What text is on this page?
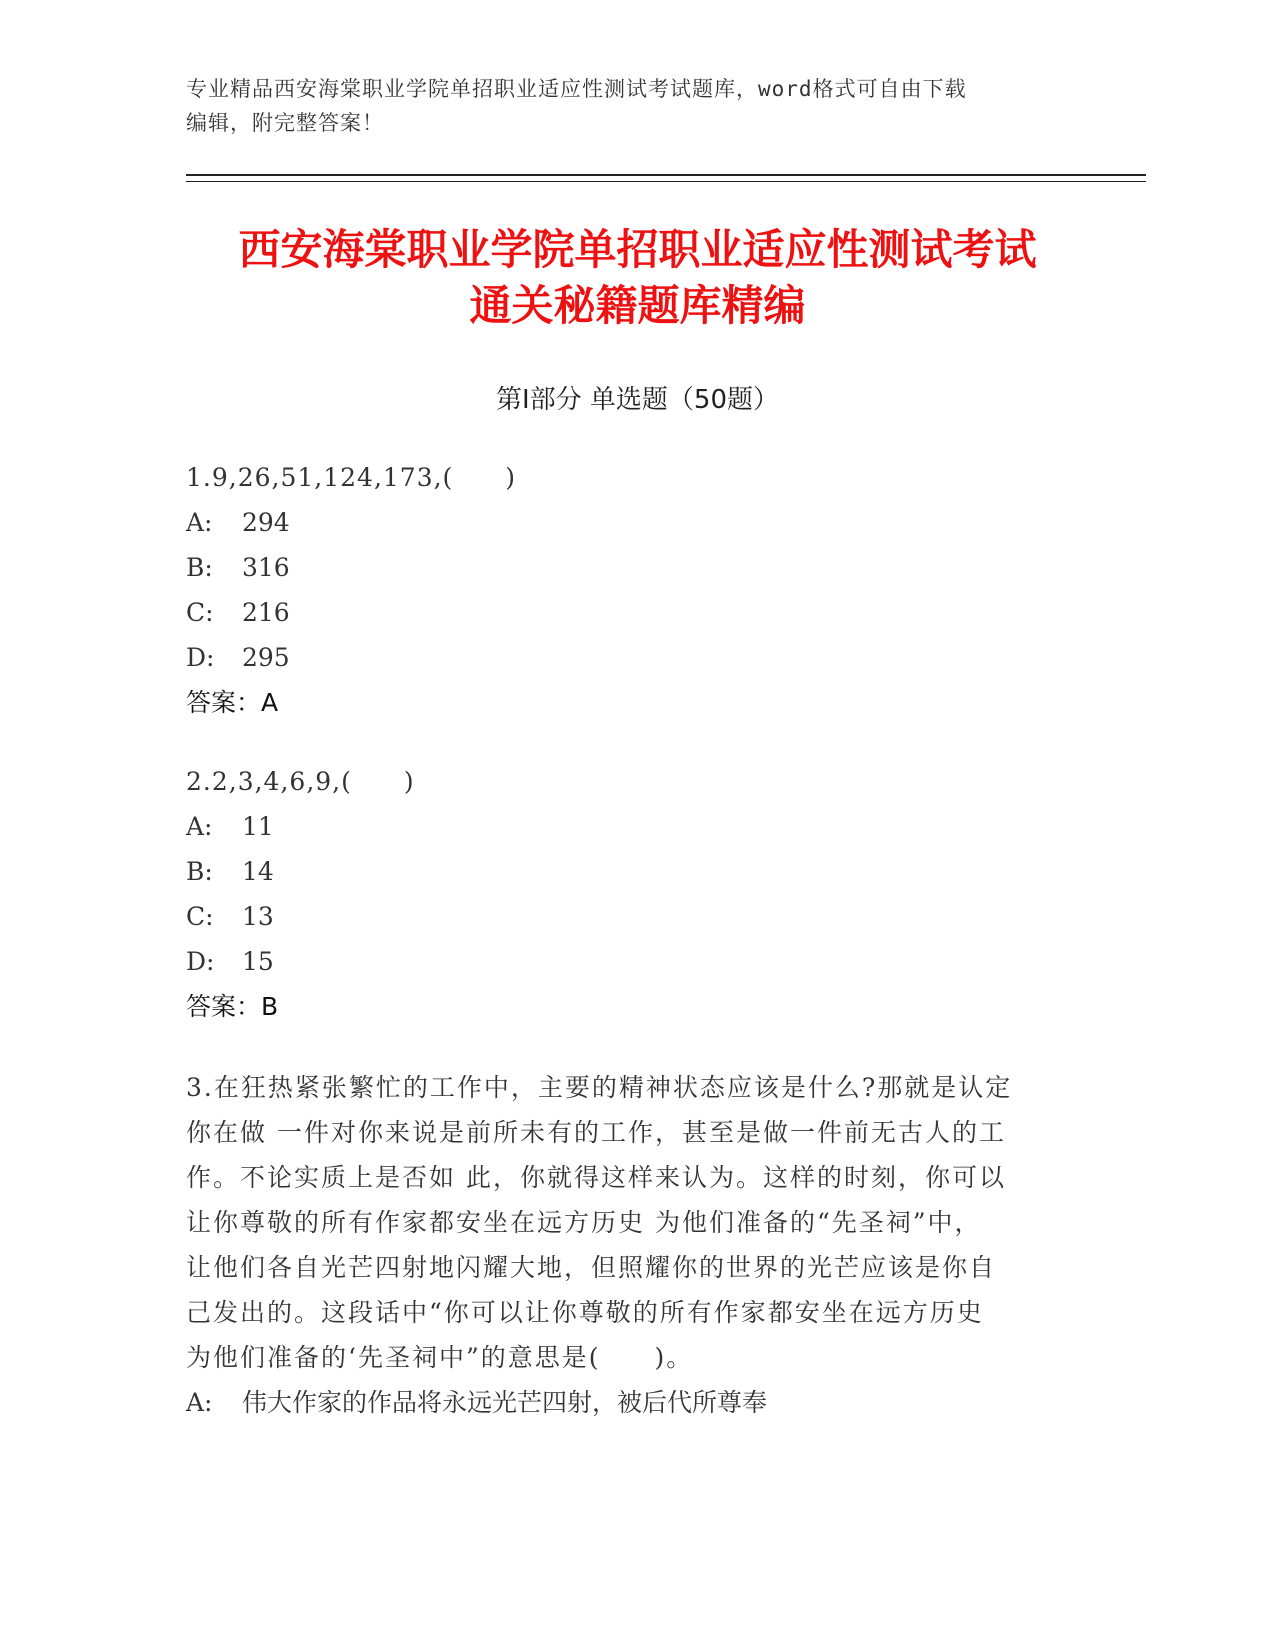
专业精品西安海棠职业学院单招职业适应性测试考试题库，word格式可自由下载
编辑，附完整答案！
西安海棠职业学院单招职业适应性测试考试
通关秘籍题库精编
第Ⅰ部分 单选题（50题）
1.9,26,51,124,173,(　　)
A: 294
B: 316
C: 216
D: 295
答案：A
2.2,3,4,6,9,(　　)
A: 11
B: 14
C: 13
D: 15
答案：B
3.在狂热紧张繁忙的工作中，主要的精神状态应该是什么?那就是认定
你在做 一件对你来说是前所未有的工作，甚至是做一件前无古人的工
作。不论实质上是否如 此，你就得这样来认为。这样的时刻，你可以
让你尊敬的所有作家都安坐在远方历史 为他们准备的“先圣祠”中，
让他们各自光芒四射地闪耀大地，但照耀你的世界的光芒应该是你自
己发出的。这段话中“你可以让你尊敬的所有作家都安坐在远方历史
为他们准备的‘先圣祠中”的意思是(　　)。
A: 伟大作家的作品将永远光芒四射，被后代所尊奉
